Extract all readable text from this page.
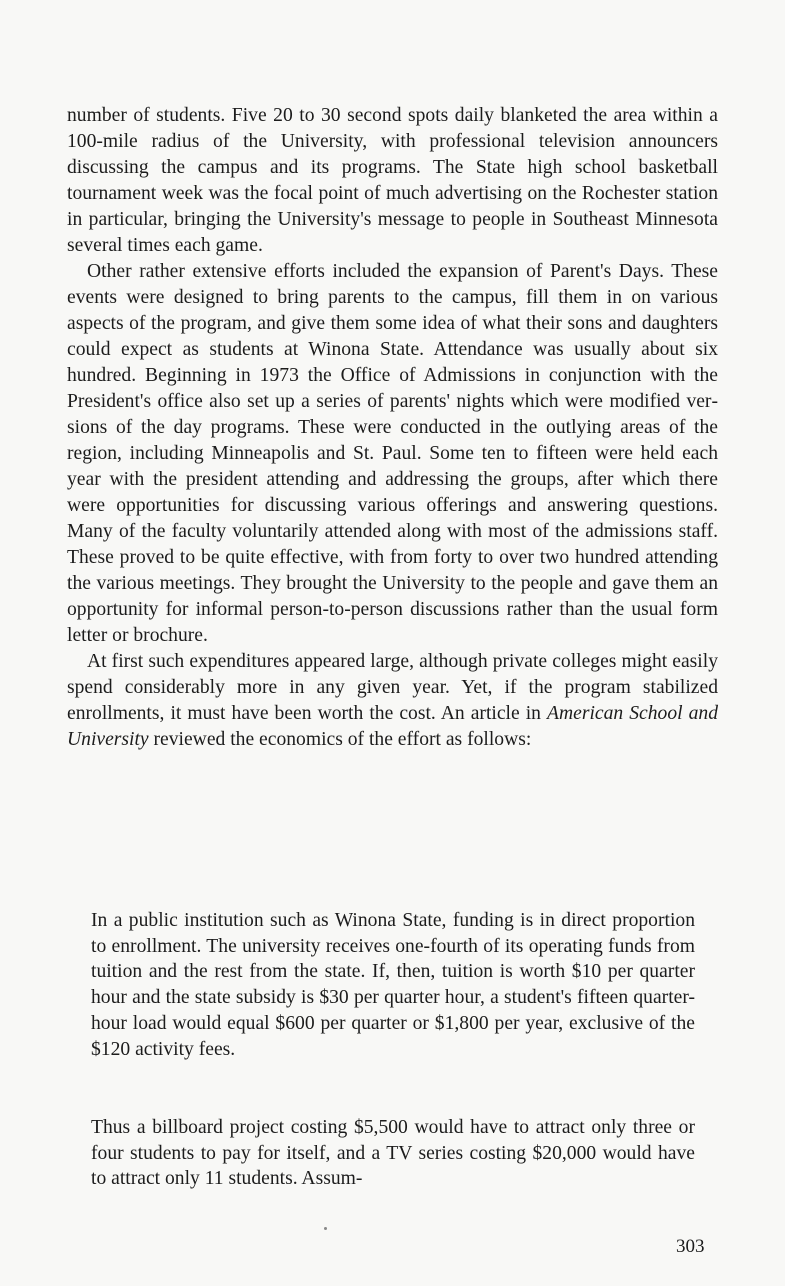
number of students. Five 20 to 30 second spots daily blanketed the area within a 100-mile radius of the University, with professional television announcers discussing the campus and its programs. The State high school basketball tournament week was the focal point of much advertising on the Rochester station in particular, bringing the University's message to people in Southeast Minnesota several times each game.

Other rather extensive efforts included the expansion of Parent's Days. These events were designed to bring parents to the campus, fill them in on various aspects of the program, and give them some idea of what their sons and daughters could expect as students at Winona State. Attendance was usually about six hundred. Beginning in 1973 the Office of Admissions in conjunction with the President's office also set up a series of parents' nights which were modified versions of the day programs. These were conducted in the outlying areas of the region, including Minneapolis and St. Paul. Some ten to fifteen were held each year with the president attending and addressing the groups, after which there were opportunities for discussing various offerings and answering questions. Many of the faculty voluntarily attended along with most of the admissions staff. These proved to be quite effective, with from forty to over two hundred attending the various meetings. They brought the University to the people and gave them an opportunity for informal person-to-person discussions rather than the usual form letter or brochure.

At first such expenditures appeared large, although private colleges might easily spend considerably more in any given year. Yet, if the program stabilized enrollments, it must have been worth the cost. An article in American School and University reviewed the economics of the effort as follows:

In a public institution such as Winona State, funding is in direct proportion to enrollment. The university receives one-fourth of its operating funds from tuition and the rest from the state. If, then, tuition is worth $10 per quarter hour and the state subsidy is $30 per quarter hour, a student's fifteen quarter-hour load would equal $600 per quarter or $1,800 per year, exclusive of the $120 activity fees.

Thus a billboard project costing $5,500 would have to attract only three or four students to pay for itself, and a TV series costing $20,000 would have to attract only 11 students. Assum-

303
